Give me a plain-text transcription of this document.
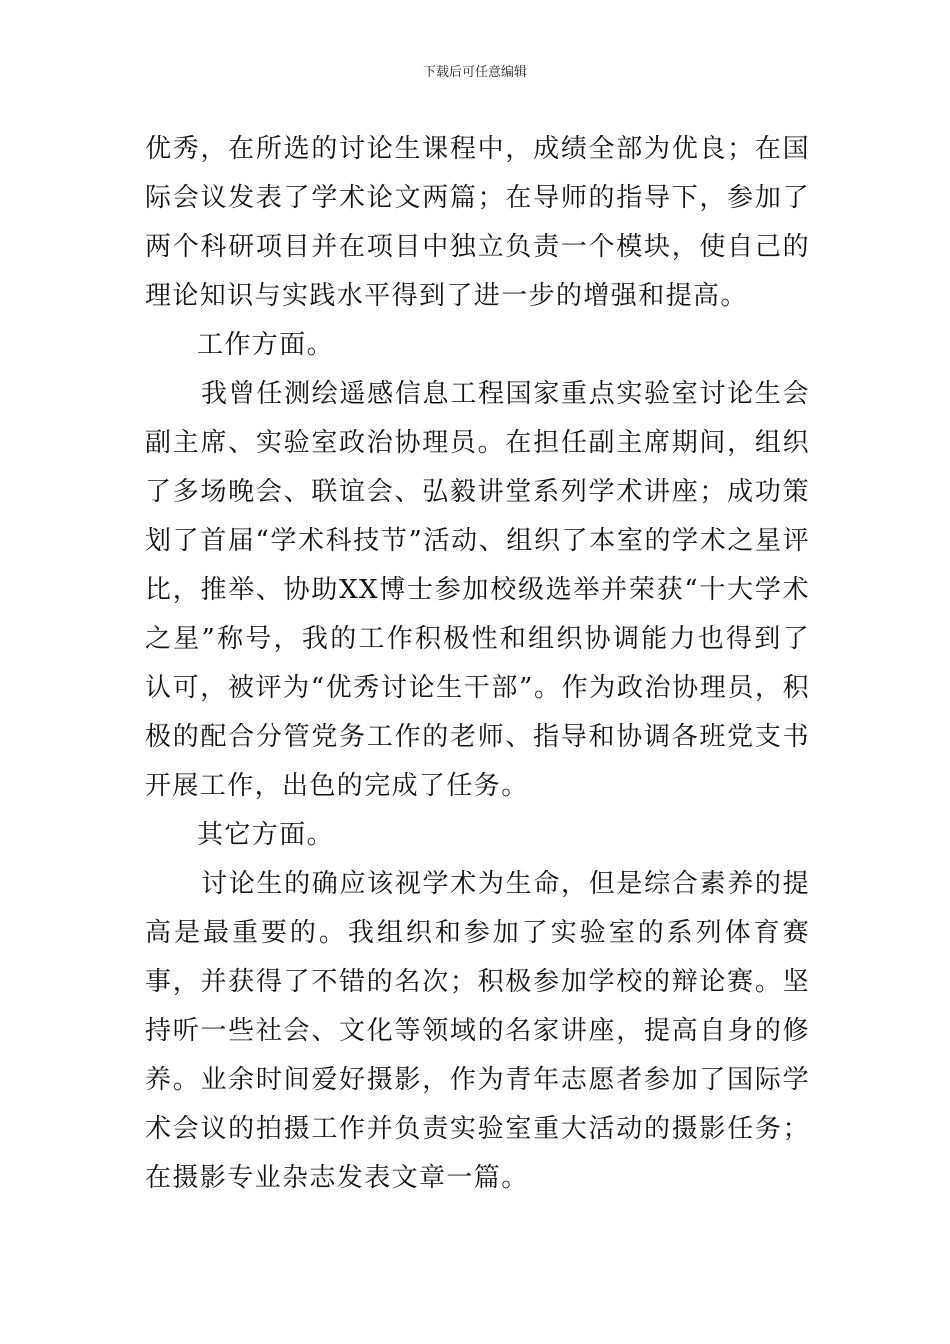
下载后可任意编辑

优秀，在所选的讨论生课程中，成绩全部为优良；在国际会议发表了学术论文两篇；在导师的指导下，参加了两个科研项目并在项目中独立负责一个模块，使自己的理论知识与实践水平得到了进一步的增强和提高。

工作方面。

我曾任测绘遥感信息工程国家重点实验室讨论生会副主席、实验室政治协理员。在担任副主席期间，组织了多场晚会、联谊会、弘毅讲堂系列学术讲座；成功策划了首届“学术科技节”活动、组织了本室的学术之星评比，推举、协助XX博士参加校级选举并荣获“十大学术之星”称号，我的工作积极性和组织协调能力也得到了认可，被评为“优秀讨论生干部”。作为政治协理员，积极的配合分管党务工作的老师、指导和协调各班党支书开展工作，出色的完成了任务。

其它方面。

讨论生的确应该视学术为生命，但是综合素养的提高是最重要的。我组织和参加了实验室的系列体育赛事，并获得了不错的名次；积极参加学校的辩论赛。坚持听一些社会、文化等领域的名家讲座，提高自身的修养。业余时间爱好摄影，作为青年志愿者参加了国际学术会议的拍摄工作并负责实验室重大活动的摄影任务；在摄影专业杂志发表文章一篇。
